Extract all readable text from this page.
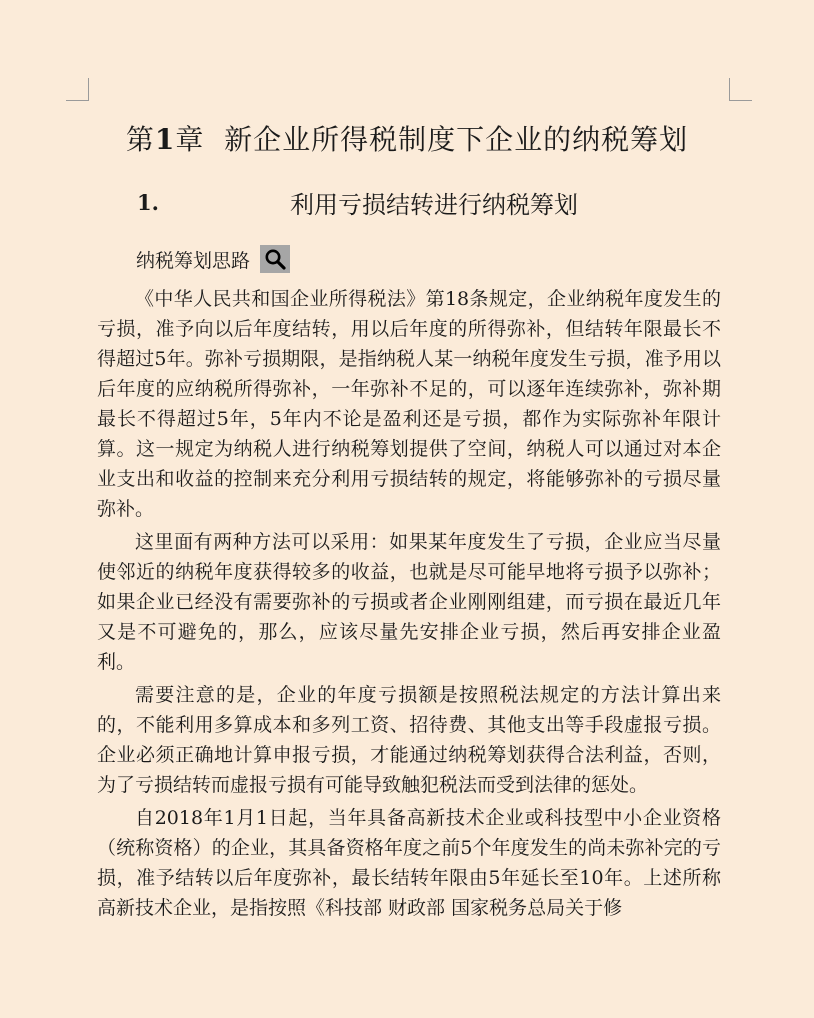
第1章  新企业所得税制度下企业的纳税筹划
1.	利用亏损结转进行纳税筹划
纳税筹划思路

《中华人民共和国企业所得税法》第18条规定，企业纳税年度发生的亏损，准予向以后年度结转，用以后年度的所得弥补，但结转年限最长不得超过5年。弥补亏损期限，是指纳税人某一纳税年度发生亏损，准予用以后年度的应纳税所得弥补，一年弥补不足的，可以逐年连续弥补，弥补期最长不得超过5年，5年内不论是盈利还是亏损，都作为实际弥补年限计算。这一规定为纳税人进行纳税筹划提供了空间，纳税人可以通过对本企业支出和收益的控制来充分利用亏损结转的规定，将能够弥补的亏损尽量弥补。

这里面有两种方法可以采用：如果某年度发生了亏损，企业应当尽量使邻近的纳税年度获得较多的收益，也就是尽可能早地将亏损予以弥补；如果企业已经没有需要弥补的亏损或者企业刚刚组建，而亏损在最近几年又是不可避免的，那么，应该尽量先安排企业亏损，然后再安排企业盈利。

需要注意的是，企业的年度亏损额是按照税法规定的方法计算出来的，不能利用多算成本和多列工资、招待费、其他支出等手段虚报亏损。企业必须正确地计算申报亏损，才能通过纳税筹划获得合法利益，否则，为了亏损结转而虚报亏损有可能导致触犯税法而受到法律的惩处。

自2018年1月1日起，当年具备高新技术企业或科技型中小企业资格（统称资格）的企业，其具备资格年度之前5个年度发生的尚未弥补完的亏损，准予结转以后年度弥补，最长结转年限由5年延长至10年。上述所称高新技术企业，是指按照《科技部 财政部 国家税务总局关于修
